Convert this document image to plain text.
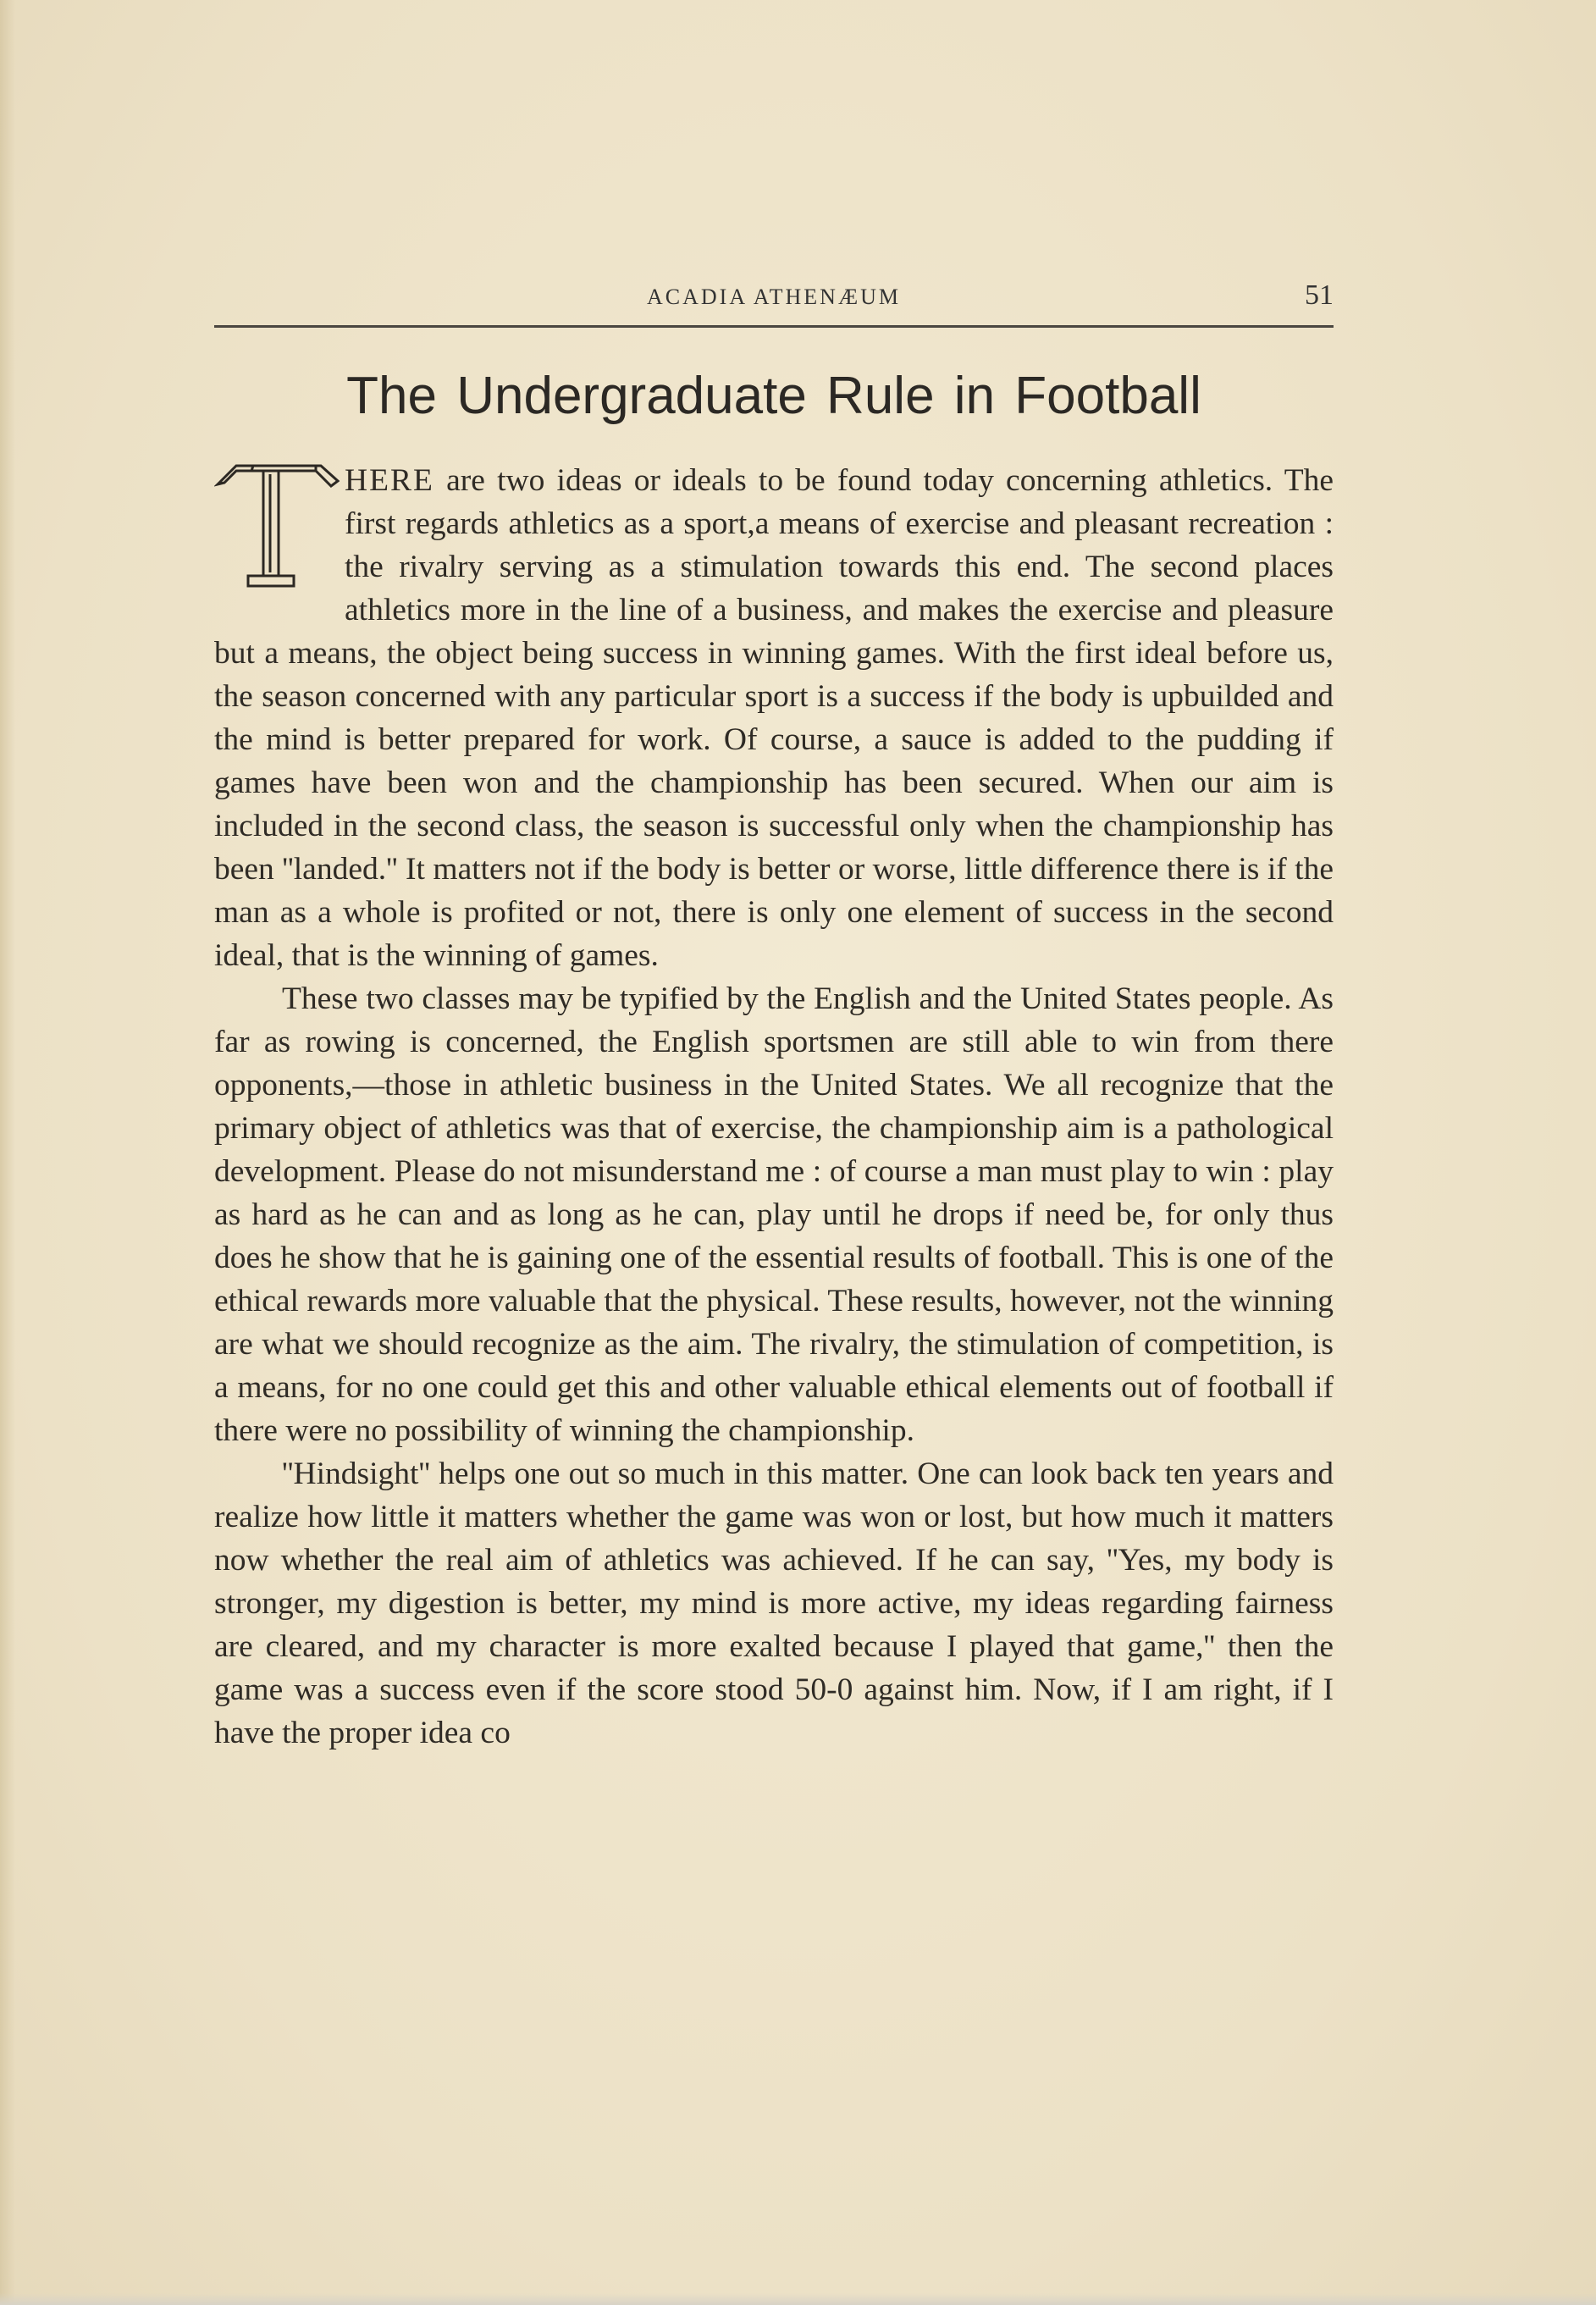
ACADIA ATHENÆUM	51
The Undergraduate Rule in Football

HERE are two ideas or ideals to be found today concerning athletics. The first regards athletics as a sport,a means of exercise and pleasant recreation : the rivalry serving as a stimulation towards this end. The second places athletics more in the line of a business, and makes the exercise and pleasure but a means, the object being success in winning games. With the first ideal before us, the season concerned with any particular sport is a success if the body is upbuilded and the mind is better prepared for work. Of course, a sauce is added to the pudding if games have been won and the championship has been secured. When our aim is included in the second class, the season is successful only when the championship has been ''landed.'' It matters not if the body is better or worse, little difference there is if the man as a whole is profited or not, there is only one element of success in the second ideal, that is the winning of games.

These two classes may be typified by the English and the United States people. As far as rowing is concerned, the English sportsmen are still able to win from there opponents,—those in athletic business in the United States. We all recognize that the primary object of athletics was that of exercise, the championship aim is a pathological development. Please do not misunderstand me : of course a man must play to win : play as hard as he can and as long as he can, play until he drops if need be, for only thus does he show that he is gaining one of the essential results of football. This is one of the ethical rewards more valuable that the physical. These results, however, not the winning are what we should recognize as the aim. The rivalry, the stimulation of competition, is a means, for no one could get this and other valuable ethical elements out of football if there were no possibility of winning the championship.

''Hindsight'' helps one out so much in this matter. One can look back ten years and realize how little it matters whether the game was won or lost, but how much it matters now whether the real aim of athletics was achieved. If he can say, ''Yes, my body is stronger, my digestion is better, my mind is more active, my ideas regarding fairness are cleared, and my character is more exalted because I played that game,'' then the game was a success even if the score stood 50-0 against him. Now, if I am right, if I have the proper idea co
